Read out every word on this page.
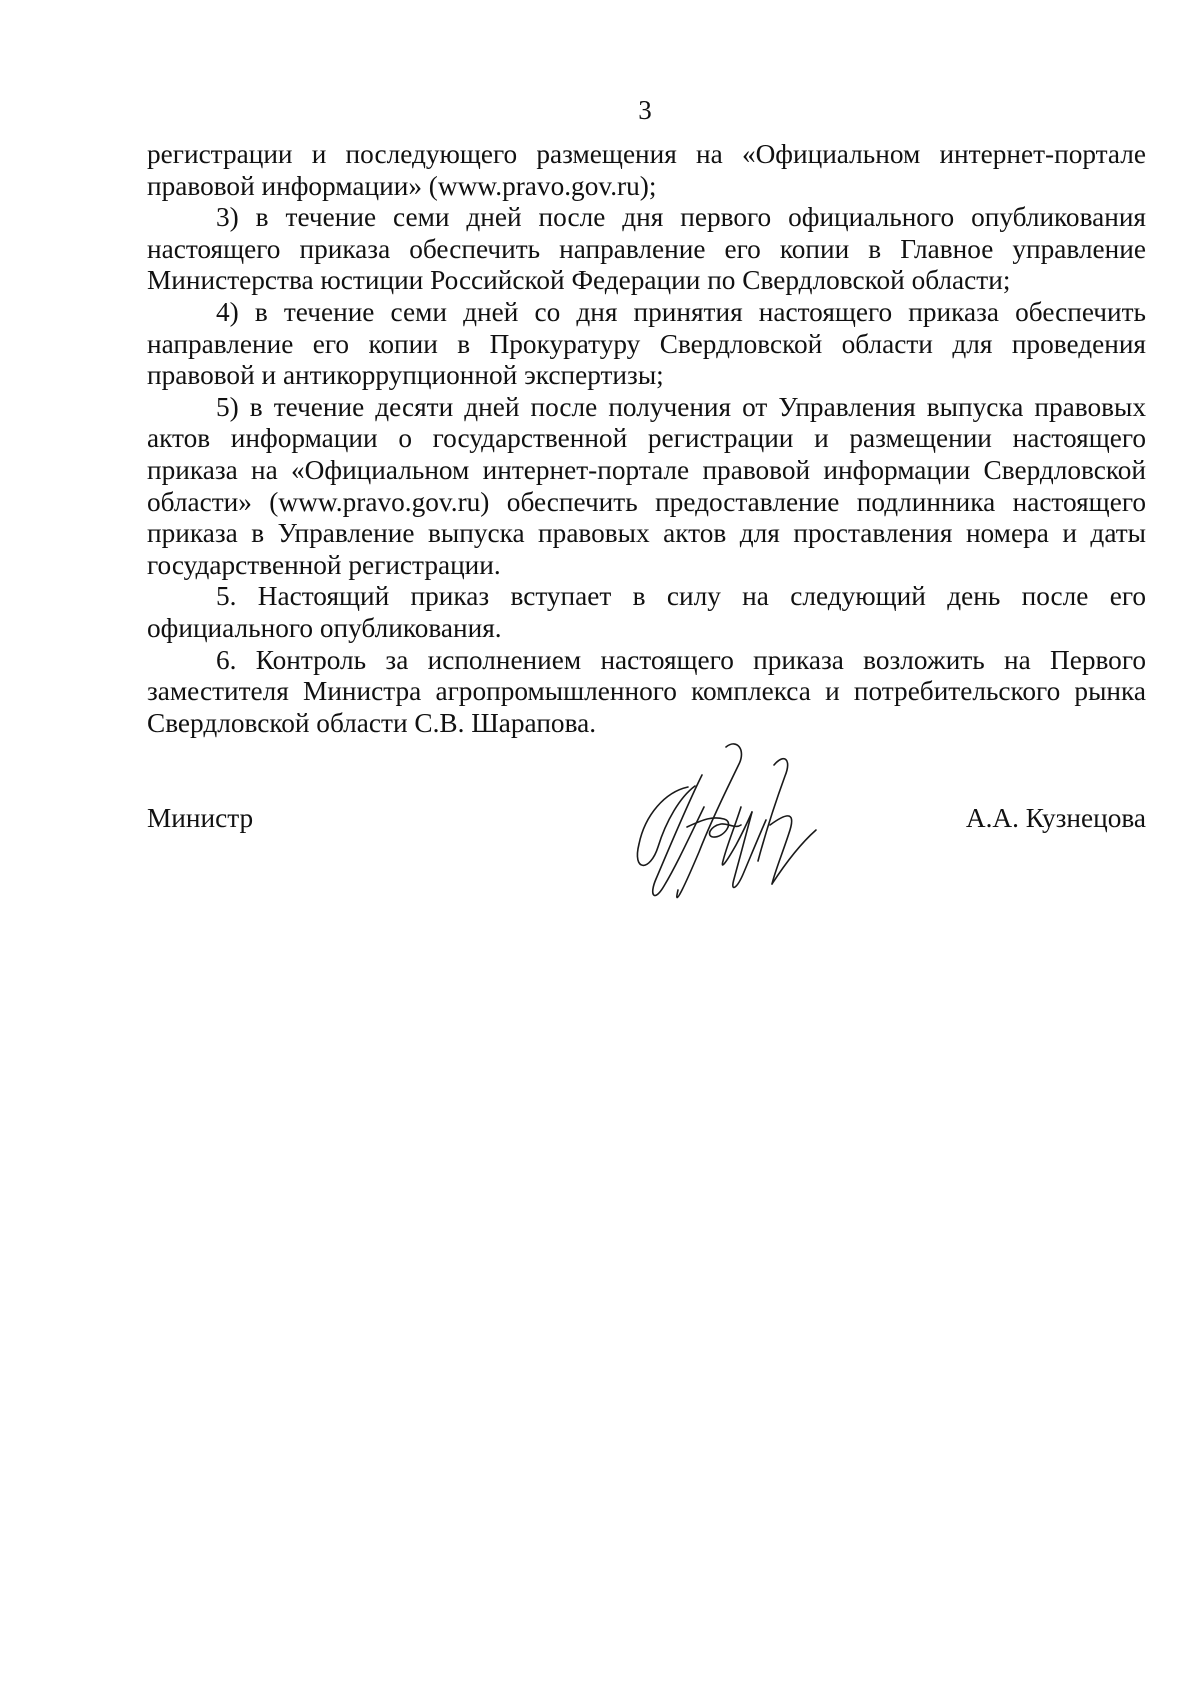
3

регистрации и последующего размещения на «Официальном интернет-портале правовой информации» (www.pravo.gov.ru);

3) в течение семи дней после дня первого официального опубликования настоящего приказа обеспечить направление его копии в Главное управление Министерства юстиции Российской Федерации по Свердловской области;

4) в течение семи дней со дня принятия настоящего приказа обеспечить направление его копии в Прокуратуру Свердловской области для проведения правовой и антикоррупционной экспертизы;

5) в течение десяти дней после получения от Управления выпуска правовых актов информации о государственной регистрации и размещении настоящего приказа на «Официальном интернет-портале правовой информации Свердловской области» (www.pravo.gov.ru) обеспечить предоставление подлинника настоящего приказа в Управление выпуска правовых актов для проставления номера и даты государственной регистрации.

5. Настоящий приказ вступает в силу на следующий день после его официального опубликования.

6. Контроль за исполнением настоящего приказа возложить на Первого заместителя Министра агропромышленного комплекса и потребительского рынка Свердловской области С.В. Шарапова.

Министр	А.А. Кузнецова
